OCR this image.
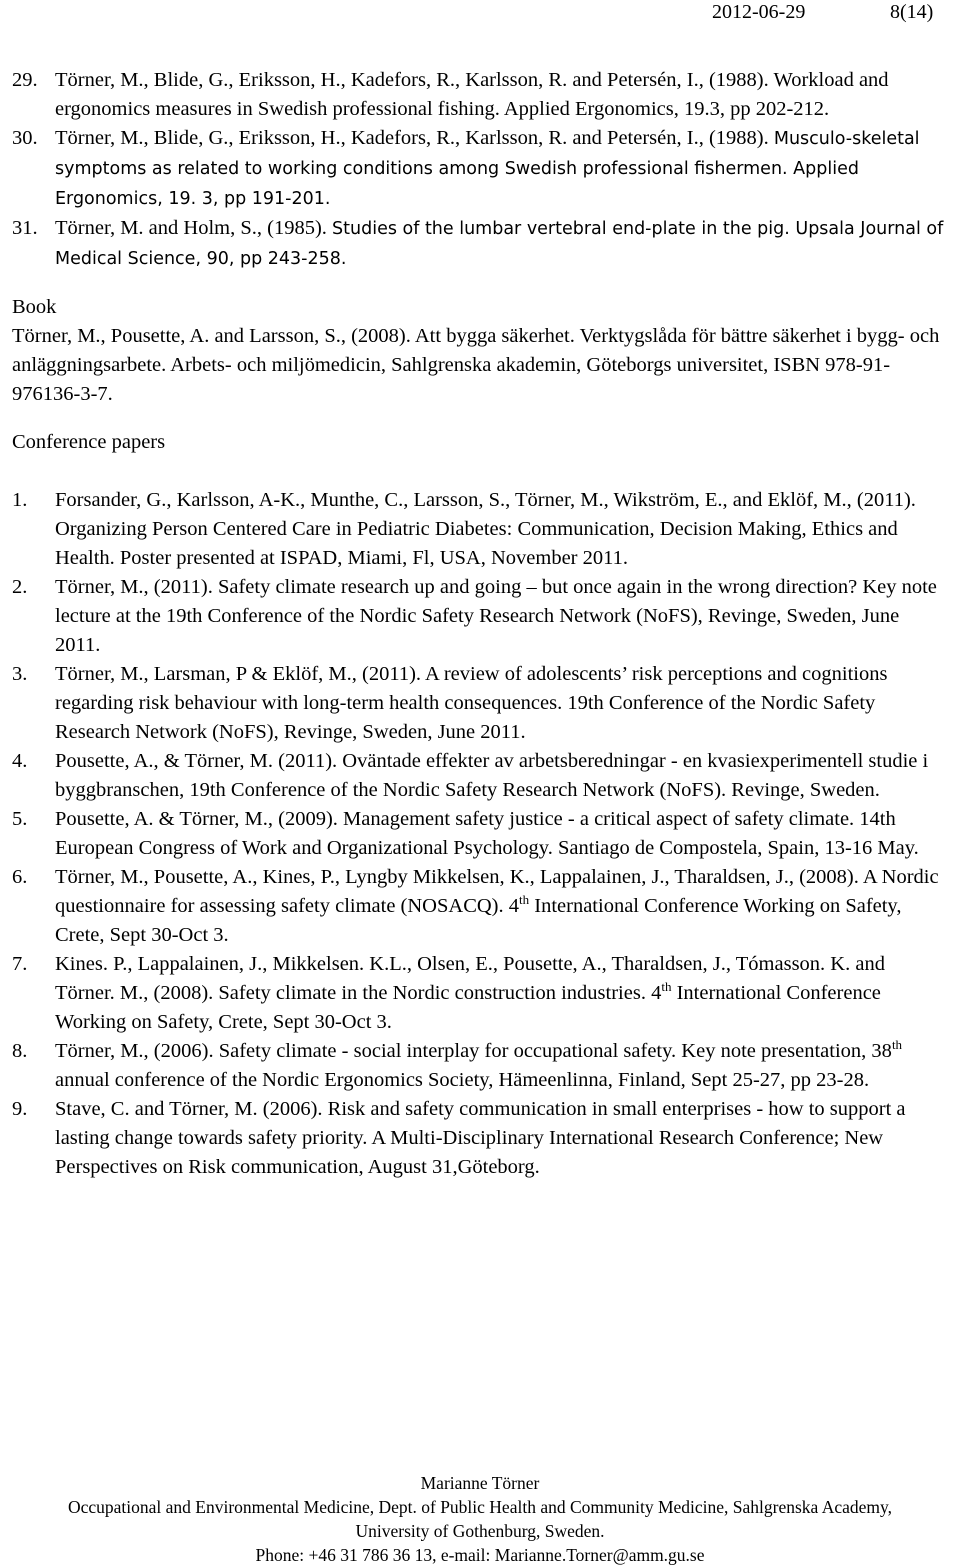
2012-06-29	8(14)
29. Törner, M., Blide, G., Eriksson, H., Kadefors, R., Karlsson, R. and Petersén, I., (1988). Workload and ergonomics measures in Swedish professional fishing. Applied Ergonomics, 19.3, pp 202-212.
30. Törner, M., Blide, G., Eriksson, H., Kadefors, R., Karlsson, R. and Petersén, I., (1988). Musculo-skeletal symptoms as related to working conditions among Swedish professional fishermen. Applied Ergonomics, 19. 3, pp 191-201.
31. Törner, M. and Holm, S., (1985). Studies of the lumbar vertebral end-plate in the pig. Upsala Journal of Medical Science, 90, pp 243-258.
Book
Törner, M., Pousette, A. and Larsson, S., (2008). Att bygga säkerhet. Verktygslåda för bättre säkerhet i bygg- och anläggningsarbete. Arbets- och miljömedicin, Sahlgrenska akademin, Göteborgs universitet, ISBN 978-91-976136-3-7.
Conference papers
1. Forsander, G., Karlsson, A-K., Munthe, C., Larsson, S., Törner, M., Wikström, E., and Eklöf, M., (2011). Organizing Person Centered Care in Pediatric Diabetes: Communication, Decision Making, Ethics and Health. Poster presented at ISPAD, Miami, Fl, USA, November 2011.
2. Törner, M., (2011). Safety climate research up and going – but once again in the wrong direction? Key note lecture at the 19th Conference of the Nordic Safety Research Network (NoFS), Revinge, Sweden, June 2011.
3. Törner, M., Larsman, P & Eklöf, M., (2011). A review of adolescents’ risk perceptions and cognitions regarding risk behaviour with long-term health consequences. 19th Conference of the Nordic Safety Research Network (NoFS), Revinge, Sweden, June 2011.
4. Pousette, A., & Törner, M. (2011). Oväntade effekter av arbetsberedningar - en kvasiexperimentell studie i byggbranschen, 19th Conference of the Nordic Safety Research Network (NoFS). Revinge, Sweden.
5. Pousette, A. & Törner, M., (2009). Management safety justice - a critical aspect of safety climate. 14th European Congress of Work and Organizational Psychology. Santiago de Compostela, Spain, 13-16 May.
6. Törner, M., Pousette, A., Kines, P., Lyngby Mikkelsen, K., Lappalainen, J., Tharaldsen, J., (2008). A Nordic questionnaire for assessing safety climate (NOSACQ). 4th International Conference Working on Safety, Crete, Sept 30-Oct 3.
7. Kines. P., Lappalainen, J., Mikkelsen. K.L., Olsen, E., Pousette, A., Tharaldsen, J., Tómasson. K. and Törner. M., (2008). Safety climate in the Nordic construction industries. 4th International Conference Working on Safety, Crete, Sept 30-Oct 3.
8. Törner, M., (2006). Safety climate - social interplay for occupational safety. Key note presentation, 38th annual conference of the Nordic Ergonomics Society, Hämeenlinna, Finland, Sept 25-27, pp 23-28.
9. Stave, C. and Törner, M. (2006). Risk and safety communication in small enterprises - how to support a lasting change towards safety priority. A Multi-Disciplinary International Research Conference; New Perspectives on Risk communication, August 31,Göteborg.
Marianne Törner
Occupational and Environmental Medicine, Dept. of Public Health and Community Medicine, Sahlgrenska Academy,
University of Gothenburg, Sweden.
Phone: +46 31 786 36 13, e-mail: Marianne.Torner@amm.gu.se
